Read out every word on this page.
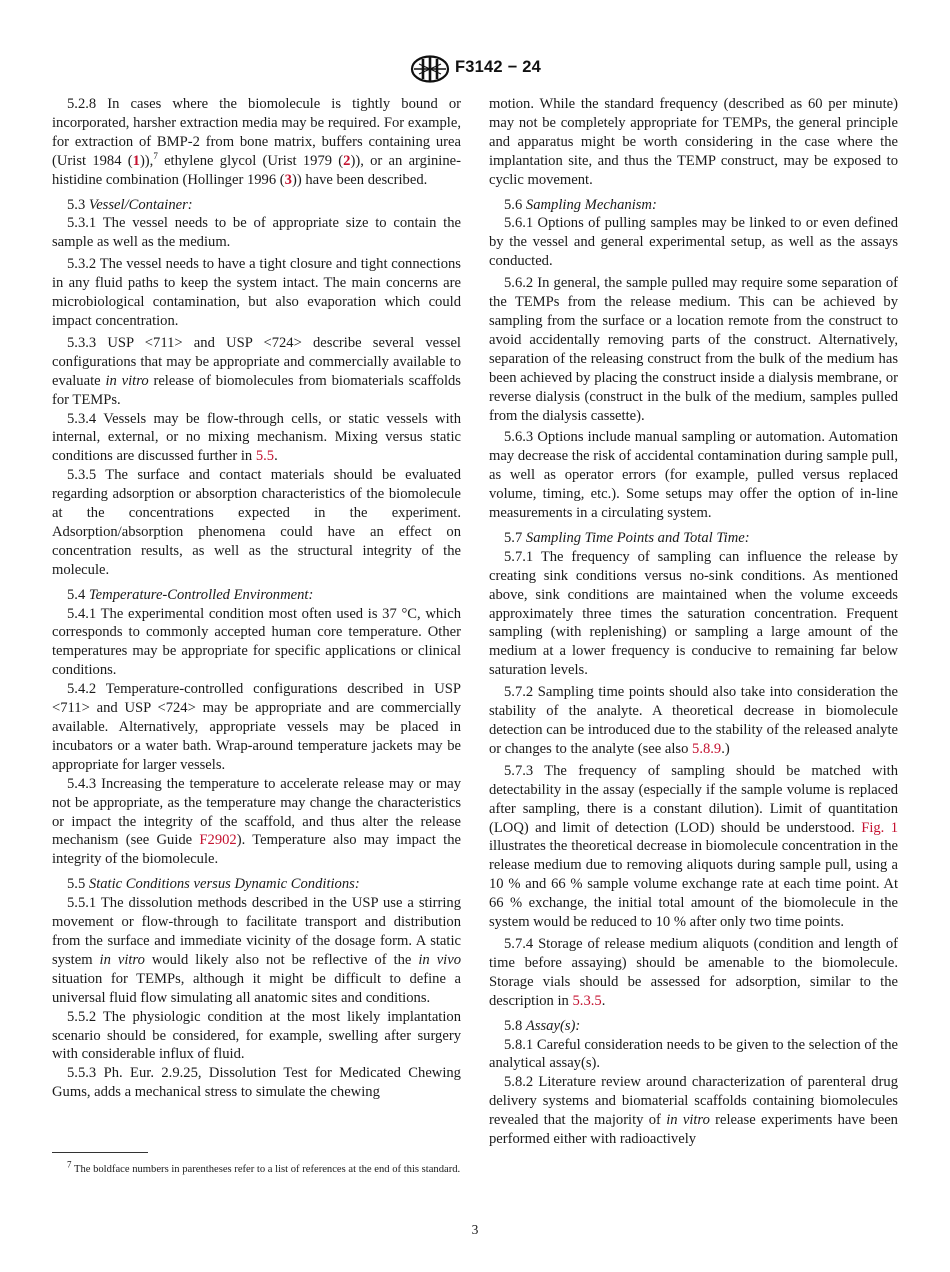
F3142 − 24

5.2.8 In cases where the biomolecule is tightly bound or incorporated, harsher extraction media may be required. For example, for extraction of BMP-2 from bone matrix, buffers containing urea (Urist 1984 (1)),$^7$ ethylene glycol (Urist 1979 (2)), or an arginine-histidine combination (Hollinger 1996 (3)) have been described.

5.3 Vessel/Container:

5.3.1 The vessel needs to be of appropriate size to contain the sample as well as the medium.

5.3.2 The vessel needs to have a tight closure and tight connections in any fluid paths to keep the system intact. The main concerns are microbiological contamination, but also evaporation which could impact concentration.

5.3.3 USP <711> and USP <724> describe several vessel configurations that may be appropriate and commercially available to evaluate in vitro release of biomolecules from biomaterials scaffolds for TEMPs.

5.3.4 Vessels may be flow-through cells, or static vessels with internal, external, or no mixing mechanism. Mixing versus static conditions are discussed further in 5.5.

5.3.5 The surface and contact materials should be evaluated regarding adsorption or absorption characteristics of the biomolecule at the concentrations expected in the experiment. Adsorption/absorption phenomena could have an effect on concentration results, as well as the structural integrity of the molecule.

5.4 Temperature-Controlled Environment:

5.4.1 The experimental condition most often used is 37 °C, which corresponds to commonly accepted human core temperature. Other temperatures may be appropriate for specific applications or clinical conditions.

5.4.2 Temperature-controlled configurations described in USP <711> and USP <724> may be appropriate and are commercially available. Alternatively, appropriate vessels may be placed in incubators or a water bath. Wrap-around temperature jackets may be appropriate for larger vessels.

5.4.3 Increasing the temperature to accelerate release may or may not be appropriate, as the temperature may change the characteristics or impact the integrity of the scaffold, and thus alter the release mechanism (see Guide F2902). Temperature also may impact the integrity of the biomolecule.

5.5 Static Conditions versus Dynamic Conditions:

5.5.1 The dissolution methods described in the USP use a stirring movement or flow-through to facilitate transport and distribution from the surface and immediate vicinity of the dosage form. A static system in vitro would likely also not be reflective of the in vivo situation for TEMPs, although it might be difficult to define a universal fluid flow simulating all anatomic sites and conditions.

5.5.2 The physiologic condition at the most likely implantation scenario should be considered, for example, swelling after surgery with considerable influx of fluid.

5.5.3 Ph. Eur. 2.9.25, Dissolution Test for Medicated Chewing Gums, adds a mechanical stress to simulate the chewing

motion. While the standard frequency (described as 60 per minute) may not be completely appropriate for TEMPs, the general principle and apparatus might be worth considering in the case where the implantation site, and thus the TEMP construct, may be exposed to cyclic movement.

5.6 Sampling Mechanism:

5.6.1 Options of pulling samples may be linked to or even defined by the vessel and general experimental setup, as well as the assays conducted.

5.6.2 In general, the sample pulled may require some separation of the TEMPs from the release medium. This can be achieved by sampling from the surface or a location remote from the construct to avoid accidentally removing parts of the construct. Alternatively, separation of the releasing construct from the bulk of the medium has been achieved by placing the construct inside a dialysis membrane, or reverse dialysis (construct in the bulk of the medium, samples pulled from the dialysis cassette).

5.6.3 Options include manual sampling or automation. Automation may decrease the risk of accidental contamination during sample pull, as well as operator errors (for example, pulled versus replaced volume, timing, etc.). Some setups may offer the option of in-line measurements in a circulating system.

5.7 Sampling Time Points and Total Time:

5.7.1 The frequency of sampling can influence the release by creating sink conditions versus no-sink conditions. As mentioned above, sink conditions are maintained when the volume exceeds approximately three times the saturation concentration. Frequent sampling (with replenishing) or sampling a large amount of the medium at a lower frequency is conducive to remaining far below saturation levels.

5.7.2 Sampling time points should also take into consideration the stability of the analyte. A theoretical decrease in biomolecule detection can be introduced due to the stability of the released analyte or changes to the analyte (see also 5.8.9.)

5.7.3 The frequency of sampling should be matched with detectability in the assay (especially if the sample volume is replaced after sampling, there is a constant dilution). Limit of quantitation (LOQ) and limit of detection (LOD) should be understood. Fig. 1 illustrates the theoretical decrease in biomolecule concentration in the release medium due to removing aliquots during sample pull, using a 10 % and 66 % sample volume exchange rate at each time point. At 66 % exchange, the initial total amount of the biomolecule in the system would be reduced to 10 % after only two time points.

5.7.4 Storage of release medium aliquots (condition and length of time before assaying) should be amenable to the biomolecule. Storage vials should be assessed for adsorption, similar to the description in 5.3.5.

5.8 Assay(s):

5.8.1 Careful consideration needs to be given to the selection of the analytical assay(s).

5.8.2 Literature review around characterization of parenteral drug delivery systems and biomaterial scaffolds containing biomolecules revealed that the majority of in vitro release experiments have been performed either with radioactively

$^7$ The boldface numbers in parentheses refer to a list of references at the end of this standard.
3
